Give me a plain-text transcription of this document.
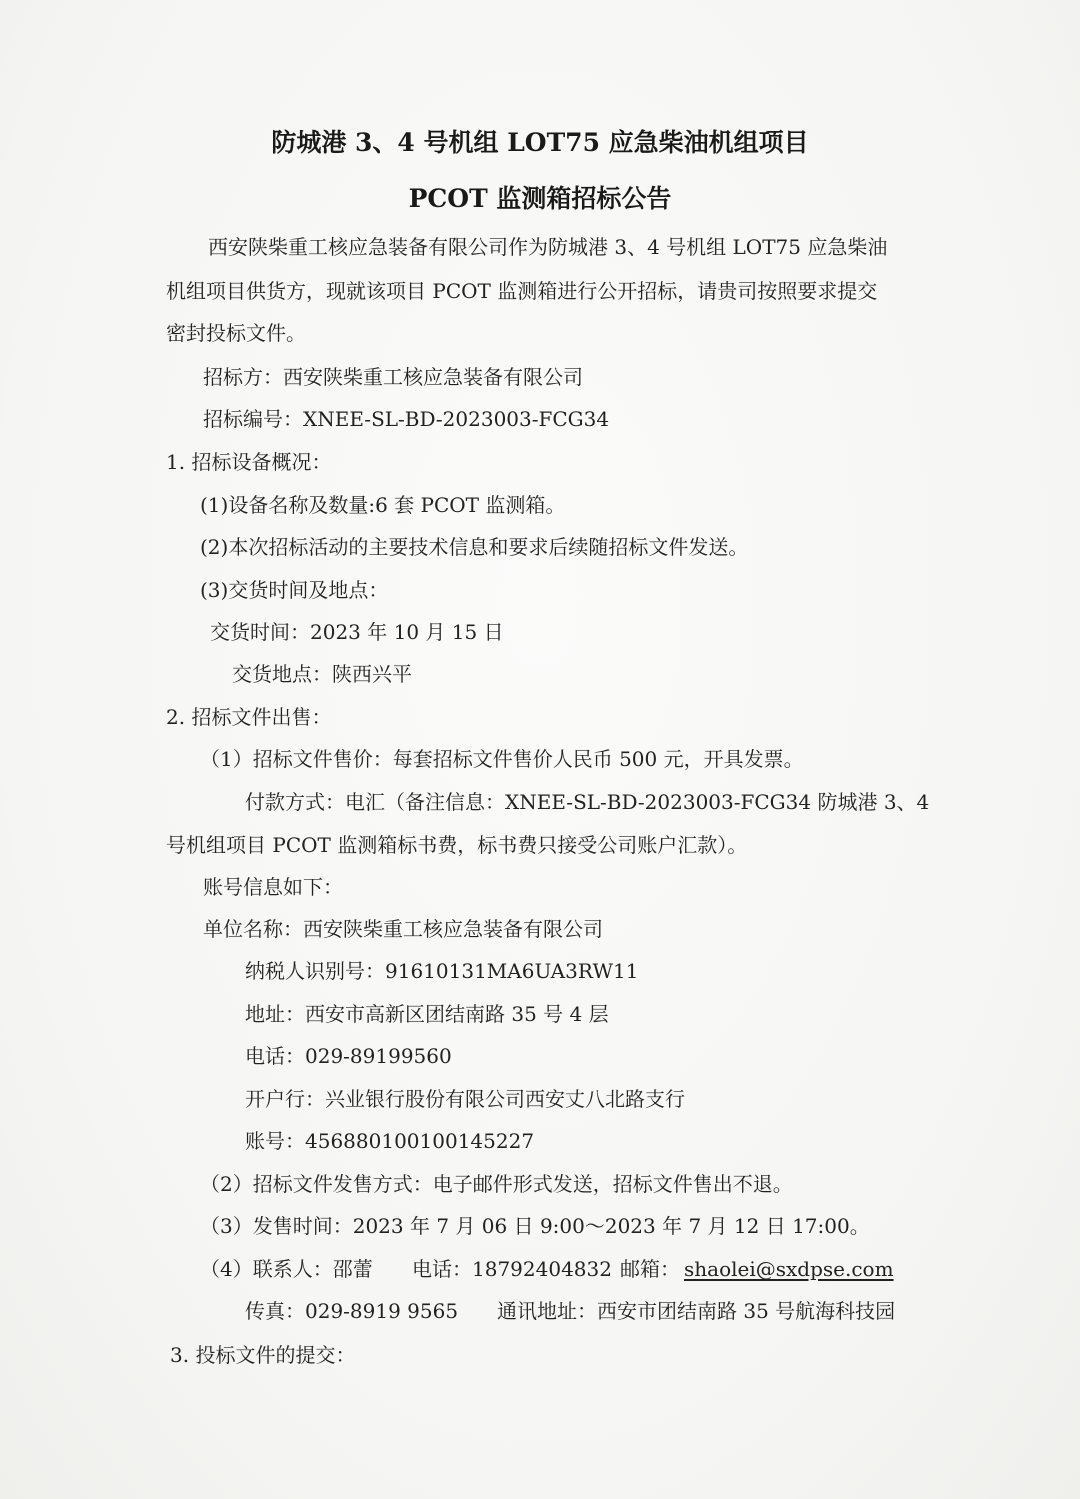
防城港 3、4 号机组 LOT75 应急柴油机组项目
PCOT 监测箱招标公告
西安陕柴重工核应急装备有限公司作为防城港 3、4 号机组 LOT75 应急柴油
机组项目供货方，现就该项目 PCOT 监测箱进行公开招标，请贵司按照要求提交
密封投标文件。
招标方：西安陕柴重工核应急装备有限公司
招标编号：XNEE-SL-BD-2023003-FCG34
1. 招标设备概况：
(1)设备名称及数量:6 套 PCOT 监测箱。
(2)本次招标活动的主要技术信息和要求后续随招标文件发送。
(3)交货时间及地点：
交货时间：2023 年 10 月 15 日
交货地点：陕西兴平
2. 招标文件出售：
（1）招标文件售价：每套招标文件售价人民币 500 元，开具发票。
付款方式：电汇（备注信息：XNEE-SL-BD-2023003-FCG34 防城港 3、4
号机组项目 PCOT 监测箱标书费，标书费只接受公司账户汇款）。
账号信息如下：
单位名称：西安陕柴重工核应急装备有限公司
纳税人识别号：91610131MA6UA3RW11
地址：西安市高新区团结南路 35 号 4 层
电话：029-89199560
开户行：兴业银行股份有限公司西安丈八北路支行
账号：456880100100145227
（2）招标文件发售方式：电子邮件形式发送，招标文件售出不退。
（3）发售时间：2023 年 7 月 06 日 9:00～2023 年 7 月 12 日 17:00。
（4）联系人：邵蕾 电话：18792404832 邮箱： shaolei@sxdpse.com
传真：029-8919 9565 通讯地址：西安市团结南路 35 号航海科技园
3. 投标文件的提交：
